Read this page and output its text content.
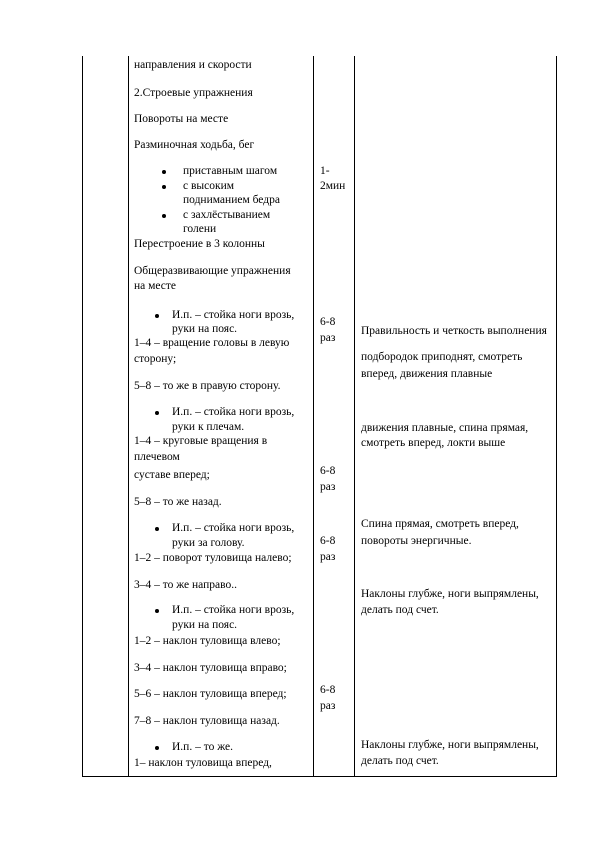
направления и скорости
2.Строевые упражнения
Повороты на месте
Разминочная ходьба, бег
приставным шагом
с высоким
подниманием бедра
с захлёстыванием
голени
Перестроение в 3 колонны
Общеразвивающие упражнения
на месте
И.п. – стойка ноги врозь,
руки на пояс.
1–4 – вращение головы в левую
сторону;
5–8 – то же в правую сторону.
И.п. – стойка ноги врозь,
руки к плечам.
1–4 – круговые вращения в
плечевом
суставе вперед;
5–8 – то же назад.
И.п. – стойка ноги врозь,
руки за голову.
1–2 – поворот туловища налево;
3–4 – то же направо..
И.п. – стойка ноги врозь,
руки на пояс.
1–2 – наклон туловища влево;
3–4 – наклон туловища вправо;
5–6 – наклон туловища вперед;
7–8 – наклон туловища назад.
И.п. – то же.
1– наклон туловища вперед,
1-
2мин
6-8
раз
6-8
раз
6-8
раз
6-8
раз
Правильность и четкость выполнения
подбородок приподнят, смотреть
вперед, движения плавные
движения плавные, спина прямая,
смотреть вперед, локти выше
Спина прямая, смотреть вперед,
повороты энергичные.
Наклоны глубже, ноги выпрямлены,
делать под счет.
Наклоны глубже, ноги выпрямлены,
делать под счет.
